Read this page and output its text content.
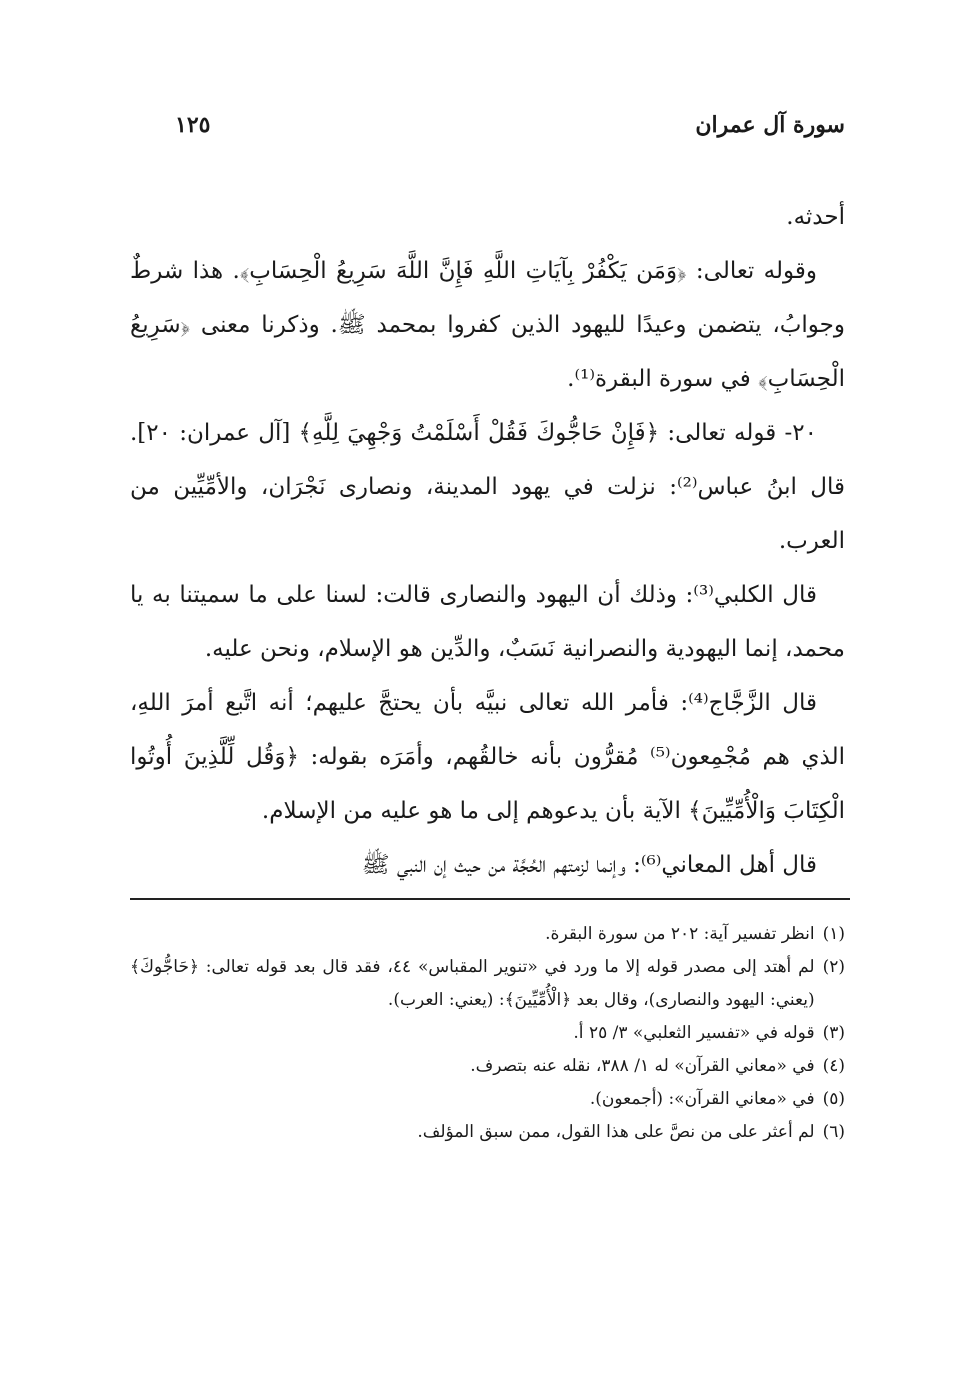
سورة آل عمران
١٢٥

أحدثه.

وقوله تعالى: ﴿وَمَن يَكْفُرْ بِآيَاتِ اللَّهِ فَإِنَّ اللَّهَ سَرِيعُ الْحِسَابِ﴾. هذا شرطٌ وجوابُ، يتضمن وعيدًا لليهود الذين كفروا بمحمد ﷺ. وذكرنا معنى ﴿سَرِيعُ الْحِسَابِ﴾ في سورة البقرة⁽¹⁾.

٢٠- قوله تعالى: ﴿فَإِنْ حَاجُّوكَ فَقُلْ أَسْلَمْتُ وَجْهِيَ لِلَّهِ﴾ [آل عمران: ٢٠]. قال ابنُ عباس⁽²⁾: نزلت في يهود المدينة، ونصارى نَجْرَان، والأمِّيِّين من العرب.

قال الكلبي⁽³⁾: وذلك أن اليهود والنصارى قالت: لسنا على ما سميتنا به يا محمد، إنما اليهودية والنصرانية نَسَبٌ، والدِّين هو الإسلام، ونحن عليه.

قال الزَّجَّاج⁽⁴⁾: فأمر الله تعالى نبيَّه بأن يحتجَّ عليهم؛ أنه اتَّبع أمرَ اللهِ، الذي هم مُجْمِعون⁽⁵⁾ مُقرُّون بأنه خالقُهم، وأمَرَه بقوله: ﴿وَقُل لِّلَّذِينَ أُوتُوا الْكِتَابَ وَالْأُمِّيِّينَ﴾ الآية بأن يدعوهم إلى ما هو عليه من الإسلام.

قال أهل المعاني⁽⁶⁾: وإنما لزمتهم الحُجَّة من حيث إن النبي ﷺ

(١)
انظر تفسير آية: ٢٠٢ من سورة البقرة.
(٢)
لم أهتد إلى مصدر قوله إلا ما ورد في «تنوير المقباس» ٤٤، فقد قال بعد قوله تعالى: ﴿حَاجُّوكَ﴾ (يعني: اليهود والنصارى)، وقال بعد ﴿الْأُمِّيِّينَ﴾: (يعني: العرب).
(٣)
قوله في «تفسير الثعلبي» ٣/ ٢٥ أ.
(٤)
في «معاني القرآن» له ١/ ٣٨٨، نقله عنه بتصرف.
(٥)
في «معاني القرآن»: (أجمعون).
(٦)
لم أعثر على من نصَّ على هذا القول، ممن سبق المؤلف.
